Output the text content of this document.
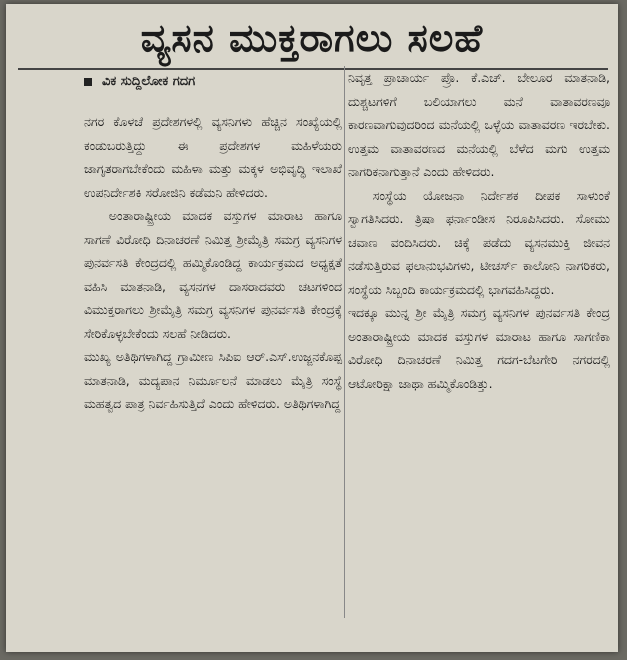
ವ್ಯಸನ ಮುಕ್ತರಾಗಲು ಸಲಹೆ
ವಿಕ ಸುದ್ದಿಲೋಕ ಗದಗ

ನಗರ ಕೊಳಚೆ ಪ್ರದೇಶಗಳಲ್ಲಿ ವ್ಯಸನಿಗಳು ಹೆಚ್ಚಿನ ಸಂಖ್ಯೆಯಲ್ಲಿ ಕಂಡುಬರುತ್ತಿದ್ದು ಈ ಪ್ರದೇಶಗಳ ಮಹಿಳೆಯರು ಜಾಗೃತರಾಗಬೇಕೆಂದು ಮಹಿಳಾ ಮತ್ತು ಮಕ್ಕಳ ಅಭಿವೃದ್ಧಿ ಇಲಾಖೆ ಉಪನಿರ್ದೇಶಕಿ ಸರೋಜಿನಿ ಕಡೆಮನಿ ಹೇಳಿದರು.

ಅಂತಾರಾಷ್ಟ್ರೀಯ ಮಾದಕ ವಸ್ತುಗಳ ಮಾರಾಟ ಹಾಗೂ ಸಾಗಣೆ ವಿರೋಧಿ ದಿನಾಚರಣೆ ನಿಮಿತ್ತ ಶ್ರೀಮೈತ್ರಿ ಸಮಗ್ರ ವ್ಯಸನಿಗಳ ಪುನರ್ವಸತಿ ಕೇಂದ್ರದಲ್ಲಿ ಹಮ್ಮಿಕೊಂಡಿದ್ದ ಕಾರ್ಯಕ್ರಮದ ಅಧ್ಯಕ್ಷತೆ ವಹಿಸಿ ಮಾತನಾಡಿ, ವ್ಯಸನಗಳ ದಾಸರಾದವರು ಚಟಗಳಿಂದ ವಿಮುಕ್ತರಾಗಲು ಶ್ರೀಮೈತ್ರಿ ಸಮಗ್ರ ವ್ಯಸನಿಗಳ ಪುನರ್ವಸತಿ ಕೇಂದ್ರಕ್ಕೆ ಸೇರಿಕೊಳ್ಳಬೇಕೆಂದು ಸಲಹೆ ನೀಡಿದರು.

ಮುಖ್ಯ ಅತಿಥಿಗಳಾಗಿದ್ದ ಗ್ರಾಮೀಣ ಸಿಪಿಐ ಆರ್.ಎಸ್.ಉಜ್ಜನಕೊಪ್ಪ ಮಾತನಾಡಿ, ಮದ್ಯಪಾನ ನಿರ್ಮೂಲನೆ ಮಾಡಲು ಮೈತ್ರಿ ಸಂಸ್ಥೆ ಮಹತ್ವದ ಪಾತ್ರ ನಿರ್ವಹಿಸುತ್ತಿದೆ ಎಂದು ಹೇಳಿದರು. ಅತಿಥಿಗಳಾಗಿದ್ದ

ನಿವೃತ್ತ ಪ್ರಾಚಾರ್ಯ ಪ್ರೊ. ಕೆ.ಎಚ್. ಬೇಲೂರ ಮಾತನಾಡಿ, ದುಶ್ಚಟಗಳಿಗೆ ಬಲಿಯಾಗಲು ಮನೆ ವಾತಾವರಣವೂ ಕಾರಣವಾಗುವುದರಿಂದ ಮನೆಯಲ್ಲಿ ಒಳ್ಳೆಯ ವಾತಾವರಣ ಇರಬೇಕು. ಉತ್ತಮ ವಾತಾವರಣದ ಮನೆಯಲ್ಲಿ ಬೆಳೆದ ಮಗು ಉತ್ತಮ ನಾಗರಿಕನಾಗುತ್ತಾನೆ ಎಂದು ಹೇಳಿದರು.

ಸಂಸ್ಥೆಯ ಯೋಜನಾ ನಿರ್ದೇಶಕ ದೀಪಕ ಸಾಳುಂಕೆ ಸ್ವಾಗತಿಸಿದರು. ತ್ರಿಷಾ ಫರ್ನಾಂಡೀಸ ನಿರೂಪಿಸಿದರು. ಸೋಮು ಚವಾಣ ವಂದಿಸಿದರು. ಚಿಕ್ಕೆ ಪಡೆದು ವ್ಯಸನಮುಕ್ತಿ ಜೀವನ ನಡೆಸುತ್ತಿರುವ ಫಲಾನುಭವಿಗಳು, ಟೀಚರ್ಸ್ ಕಾಲೋನಿ ನಾಗರಿಕರು, ಸಂಸ್ಥೆಯ ಸಿಬ್ಬಂದಿ ಕಾರ್ಯಕ್ರಮದಲ್ಲಿ ಭಾಗವಹಿಸಿದ್ದರು.

ಇದಕ್ಕೂ ಮುನ್ನ ಶ್ರೀ ಮೈತ್ರಿ ಸಮಗ್ರ ವ್ಯಸನಿಗಳ ಪುನರ್ವಸತಿ ಕೇಂದ್ರ ಅಂತಾರಾಷ್ಟ್ರೀಯ ಮಾದಕ ವಸ್ತುಗಳ ಮಾರಾಟ ಹಾಗೂ ಸಾಗಣಿಕಾ ವಿರೋಧಿ ದಿನಾಚರಣೆ ನಿಮಿತ್ತ ಗದಗ-ಬೆಟಗೇರಿ ನಗರದಲ್ಲಿ ಆಟೋರಿಕ್ಷಾ ಜಾಥಾ ಹಮ್ಮಿಕೊಂಡಿತ್ತು.
